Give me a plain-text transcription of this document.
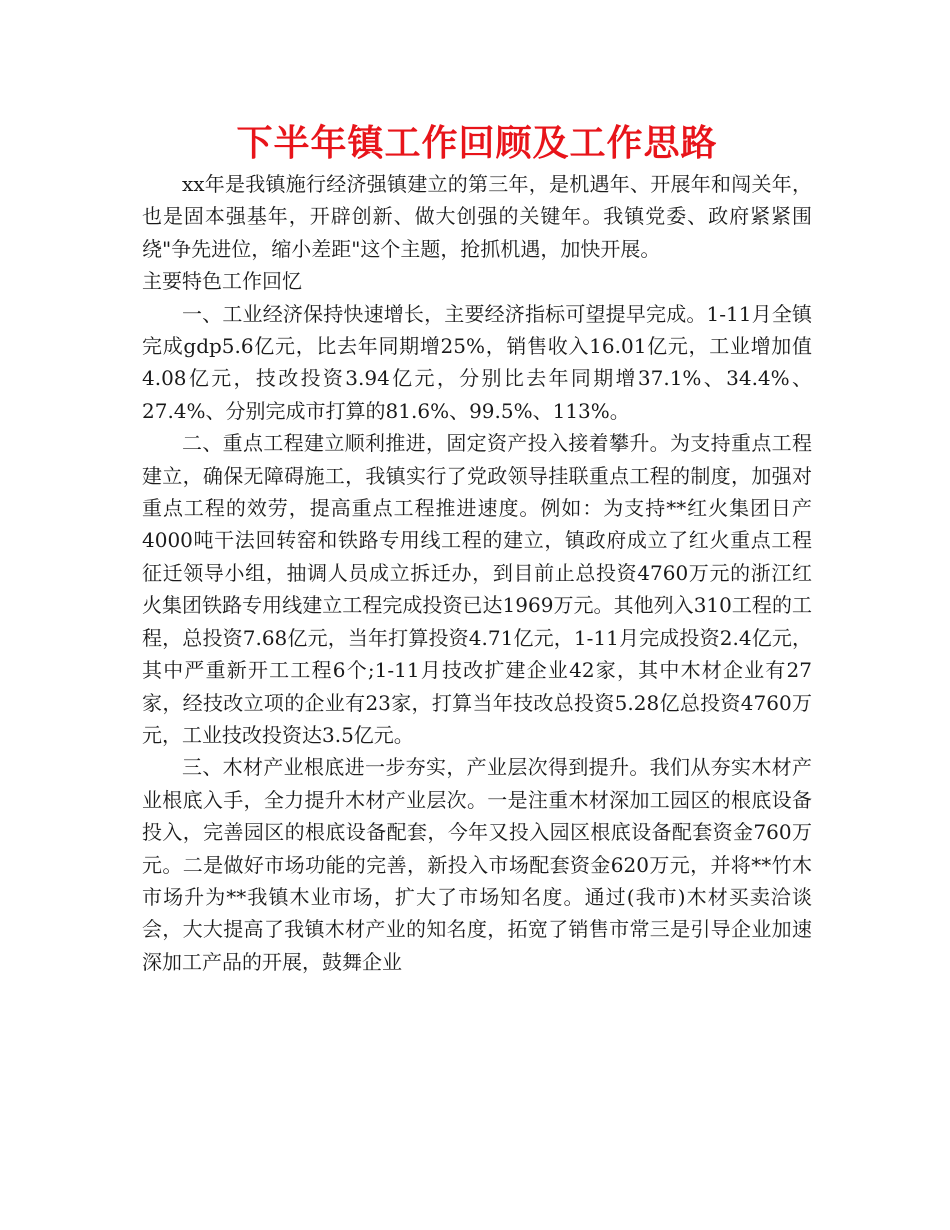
下半年镇工作回顾及工作思路

xx年是我镇施行经济强镇建立的第三年，是机遇年、开展年和闯关年，也是固本强基年，开辟创新、做大创强的关键年。我镇党委、政府紧紧围绕"争先进位，缩小差距"这个主题，抢抓机遇，加快开展。

主要特色工作回忆

一、工业经济保持快速增长，主要经济指标可望提早完成。1-11月全镇完成gdp5.6亿元，比去年同期增25%，销售收入16.01亿元，工业增加值4.08亿元，技改投资3.94亿元，分别比去年同期增37.1%、34.4%、27.4%、分别完成市打算的81.6%、99.5%、113%。

二、重点工程建立顺利推进，固定资产投入接着攀升。为支持重点工程建立，确保无障碍施工，我镇实行了党政领导挂联重点工程的制度，加强对重点工程的效劳，提高重点工程推进速度。例如：为支持**红火集团日产4000吨干法回转窑和铁路专用线工程的建立，镇政府成立了红火重点工程征迁领导小组，抽调人员成立拆迁办，到目前止总投资4760万元的浙江红火集团铁路专用线建立工程完成投资已达1969万元。其他列入310工程的工程，总投资7.68亿元，当年打算投资4.71亿元，1-11月完成投资2.4亿元，其中严重新开工工程6个;1-11月技改扩建企业42家，其中木材企业有27家，经技改立项的企业有23家，打算当年技改总投资5.28亿总投资4760万元，工业技改投资达3.5亿元。

三、木材产业根底进一步夯实，产业层次得到提升。我们从夯实木材产业根底入手，全力提升木材产业层次。一是注重木材深加工园区的根底设备投入，完善园区的根底设备配套，今年又投入园区根底设备配套资金760万元。二是做好市场功能的完善，新投入市场配套资金620万元，并将**竹木市场升为**我镇木业市场，扩大了市场知名度。通过(我市)木材买卖洽谈会，大大提高了我镇木材产业的知名度，拓宽了销售市常三是引导企业加速深加工产品的开展，鼓舞企业
